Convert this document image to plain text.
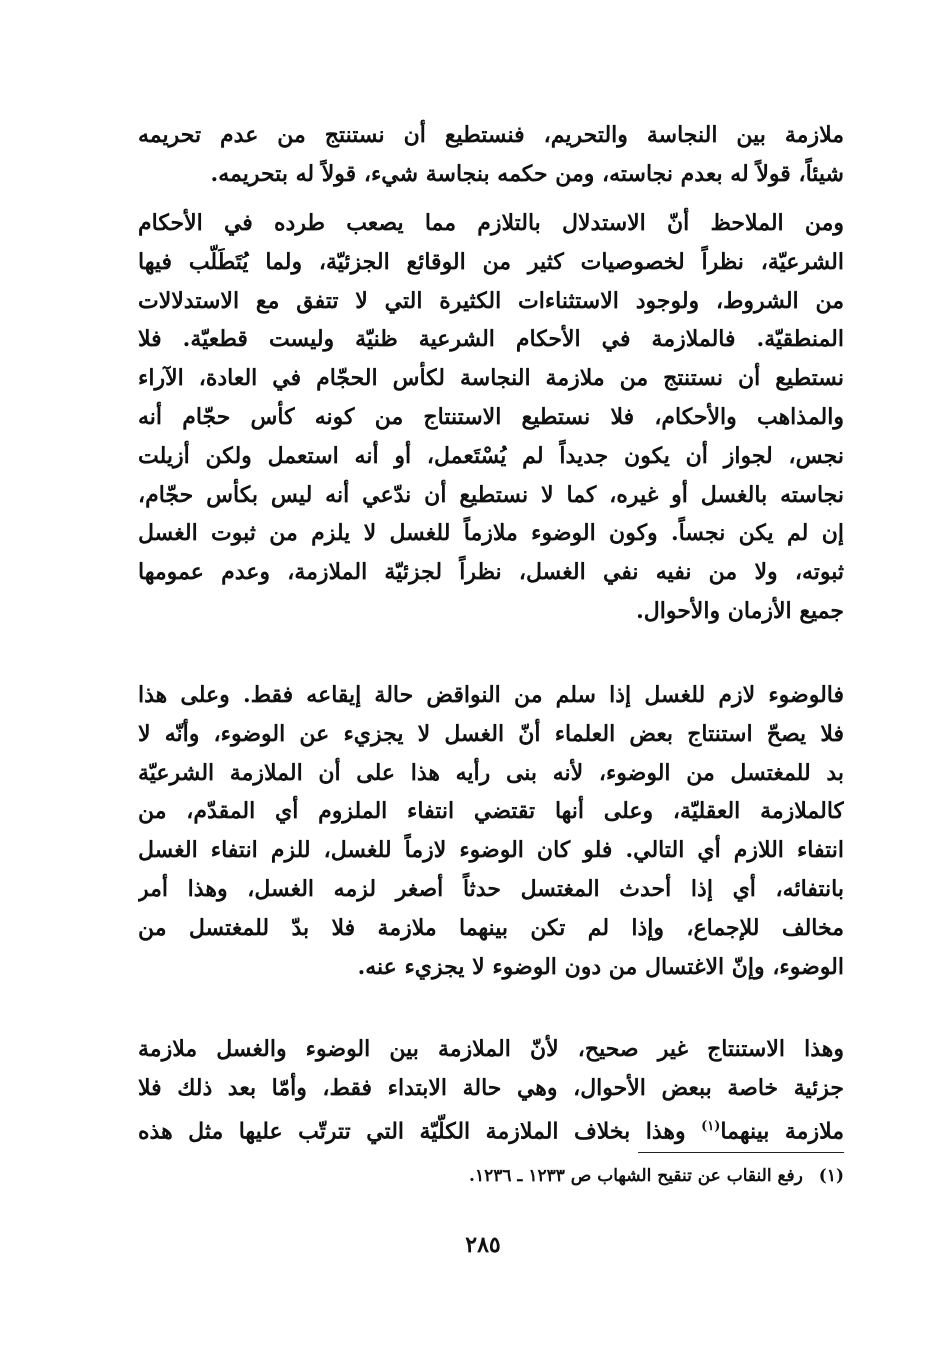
ملازمة بين النجاسة والتحريم، فنستطيع أن نستنتج من عدم تحريمه
شيئاً، قولاً له بعدم نجاسته، ومن حكمه بنجاسة شيء، قولاً له بتحريمه.
ومن الملاحظ أنّ الاستدلال بالتلازم مما يصعب طرده في الأحكام
الشرعيّة، نظراً لخصوصيات كثير من الوقائع الجزئيّة، ولما يُتَطَلّب فيها
من الشروط، ولوجود الاستثناءات الكثيرة التي لا تتفق مع الاستدلالات
المنطقيّة. فالملازمة في الأحكام الشرعية ظنيّة وليست قطعيّة. فلا
نستطيع أن نستنتج من ملازمة النجاسة لكأس الحجّام في العادة، الآراء
والمذاهب والأحكام، فلا نستطيع الاستنتاج من كونه كأس حجّام أنه
نجس، لجواز أن يكون جديداً لم يُسْتَعمل، أو أنه استعمل ولكن أزيلت
نجاسته بالغسل أو غيره، كما لا نستطيع أن ندّعي أنه ليس بكأس حجّام،
إن لم يكن نجساً. وكون الوضوء ملازماً للغسل لا يلزم من ثبوت الغسل
ثبوته، ولا من نفيه نفي الغسل، نظراً لجزئيّة الملازمة، وعدم عمومها
جميع الأزمان والأحوال.
فالوضوء لازم للغسل إذا سلم من النواقض حالة إيقاعه فقط. وعلى هذا
فلا يصحّ استنتاج بعض العلماء أنّ الغسل لا يجزيء عن الوضوء، وأنّه لا
بد للمغتسل من الوضوء، لأنه بنى رأيه هذا على أن الملازمة الشرعيّة
كالملازمة العقليّة، وعلى أنها تقتضي انتفاء الملزوم أي المقدّم، من
انتفاء اللازم أي التالي. فلو كان الوضوء لازماً للغسل، للزم انتفاء الغسل
بانتفائه، أي إذا أحدث المغتسل حدثاً أصغر لزمه الغسل، وهذا أمر
مخالف للإجماع، وإذا لم تكن بينهما ملازمة فلا بدّ للمغتسل من
الوضوء، وإنّ الاغتسال من دون الوضوء لا يجزيء عنه.
وهذا الاستنتاج غير صحيح، لأنّ الملازمة بين الوضوء والغسل ملازمة
جزئية خاصة ببعض الأحوال، وهي حالة الابتداء فقط، وأمّا بعد ذلك فلا
ملازمة بينهما$^{(١)}$ وهذا بخلاف الملازمة الكلّيّة التي تترتّب عليها مثل هذه
(١) رفع النقاب عن تنقيح الشهاب ص ١٢٣٣ ـ ١٢٣٦.
٢٨٥
